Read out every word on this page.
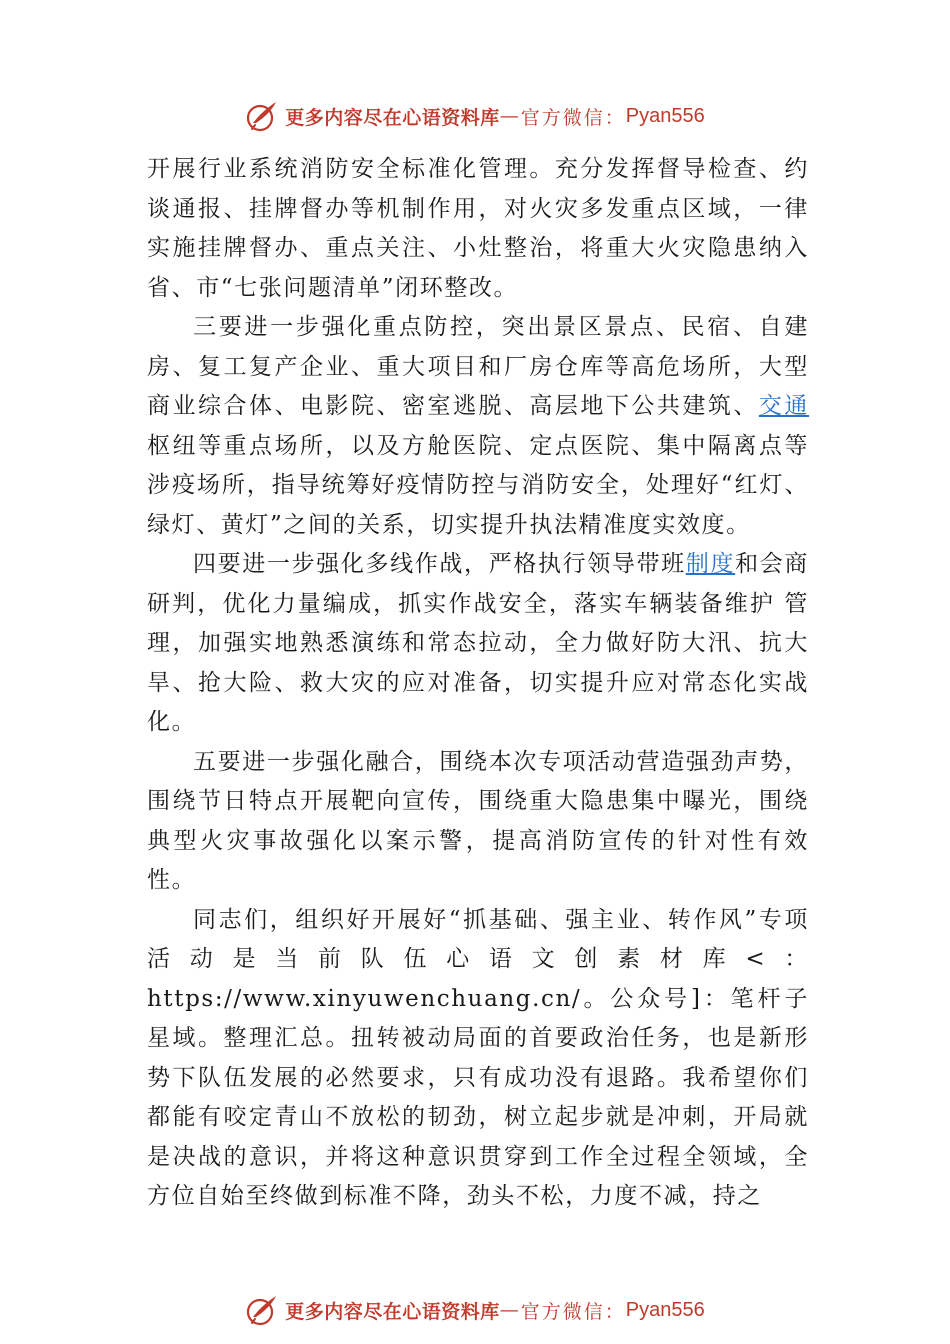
更多内容尽在心语资料库 — 官方微信： Pyan556

开展行业系统消防安全标准化管理。充分发挥督导检查、约谈通报、挂牌督办等机制作用，对火灾多发重点区域，一律实施挂牌督办、重点关注、小灶整治，将重大火灾隐患纳入省、市“七张问题清单”闭环整改。

三要进一步强化重点防控，突出景区景点、民宿、自建房、复工复产企业、重大项目和厂房仓库等高危场所，大型商业综合体、电影院、密室逃脱、高层地下公共建筑、交通枢纽等重点场所，以及方舱医院、定点医院、集中隔离点等涉疫场所，指导统筹好疫情防控与消防安全，处理好“红灯、绿灯、黄灯”之间的关系，切实提升执法精准度实效度。

四要进一步强化多线作战，严格执行领导带班制度和会商研判，优化力量编成，抓实作战安全，落实车辆装备维护 管理，加强实地熟悉演练和常态拉动，全力做好防大汛、抗大旱、抢大险、救大灾的应对准备，切实提升应对常态化实战化。

五要进一步强化融合，围绕本次专项活动营造强劲声势，围绕节日特点开展靶向宣传，围绕重大隐患集中曝光，围绕典型火灾事故强化以案示警，提高消防宣传的针对性有效性。

同志们，组织好开展好“抓基础、强主业、转作风”专项活动是当前队伍心语文创素材库<：https://www.xinyuwenchuang.cn/。公众号]：笔杆子星域。整理汇总。扭转被动局面的首要政治任务，也是新形势下队伍发展的必然要求，只有成功没有退路。我希望你们都能有咬定青山不放松的韧劲，树立起步就是冲刺，开局就是决战的意识，并将这种意识贯穿到工作全过程全领域，全方位自始至终做到标准不降，劲头不松，力度不减，持之

更多内容尽在心语资料库 — 官方微信： Pyan556
